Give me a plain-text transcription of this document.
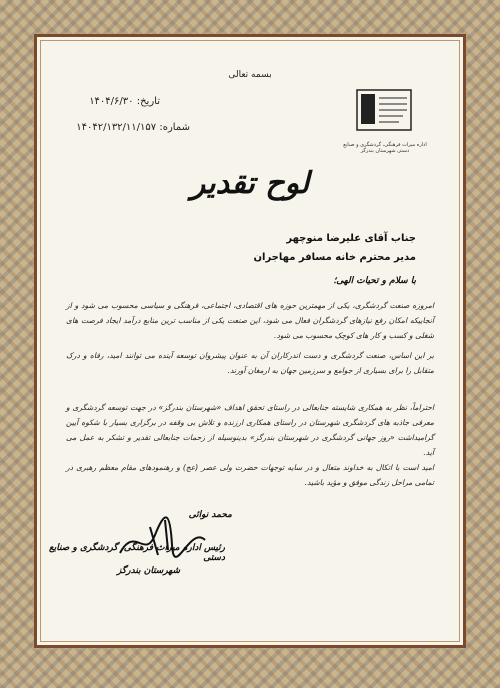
اداره میراث فرهنگی، گردشگری و صنایع دستی شهرستان بندرگز
بسمه تعالی
تاریخ: ۱۴۰۴/۶/۳۰
شماره: ۱۴۰۴۲/۱۳۲/۱۱/۱۵۷
لوح تقدیر
جناب آقای علیرضا منوچهر
مدیر محترم خانه مسافر مهاجران
با سلام و تحیات الهی؛
امروزه صنعت گردشگری، یکی از مهمترین حوزه های اقتصادی، اجتماعی، فرهنگی و سیاسی محسوب می شود و از آنجاییکه امکان رفع نیازهای گردشگران فعال می شود، این صنعت یکی از مناسب ترین منابع درآمد ایجاد فرصت های شغلی و کسب و کار های کوچک محسوب می شود.
بر این اساس، صنعت گردشگری و دست اندرکاران آن به عنوان پیشروان توسعه آینده می توانند امید، رفاه و درک متقابل را برای بسیاری از جوامع و سرزمین جهان به ارمغان آورند.
احتراماً، نظر به همکاری شایسته جنابعالی در راستای تحقق اهداف «شهرستان بندرگز» در جهت توسعه گردشگری و معرفی جاذبه های گردشگری شهرستان در راستای همکاری ارزنده و تلاش بی وقفه در برگزاری بسیار با شکوه آیین گرامیداشت «روز جهانی گردشگری در شهرستان بندرگز» بدینوسیله از زحمات جنابعالی تقدیر و تشکر به عمل می آید.
امید است با اتکال به خداوند متعال و در سایه توجهات حضرت ولی عصر (عج) و رهنمودهای مقام معظم رهبری در تمامی مراحل زندگی موفق و مؤید باشید.
محمد نوائی
رئیس اداره میراث فرهنگی، گردشگری و صنایع دستی
شهرستان بندرگز
